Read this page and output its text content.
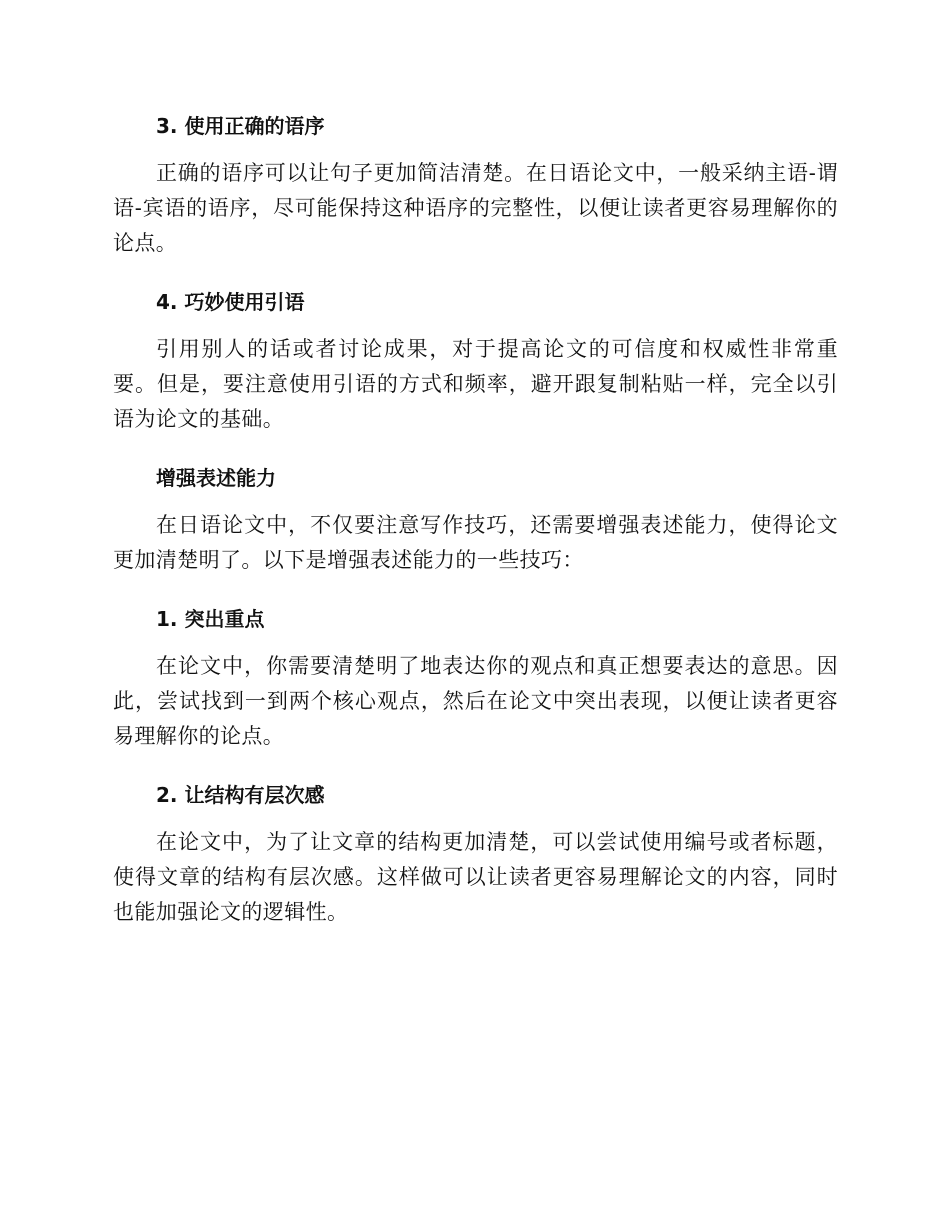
3. 使用正确的语序

正确的语序可以让句子更加简洁清楚。在日语论文中，一般采纳主语-谓语-宾语的语序，尽可能保持这种语序的完整性，以便让读者更容易理解你的论点。

4. 巧妙使用引语

引用别人的话或者讨论成果，对于提高论文的可信度和权威性非常重要。但是，要注意使用引语的方式和频率，避开跟复制粘贴一样，完全以引语为论文的基础。

增强表述能力

在日语论文中，不仅要注意写作技巧，还需要增强表述能力，使得论文更加清楚明了。以下是增强表述能力的一些技巧：

1. 突出重点

在论文中，你需要清楚明了地表达你的观点和真正想要表达的意思。因此，尝试找到一到两个核心观点，然后在论文中突出表现，以便让读者更容易理解你的论点。

2. 让结构有层次感

在论文中，为了让文章的结构更加清楚，可以尝试使用编号或者标题，使得文章的结构有层次感。这样做可以让读者更容易理解论文的内容，同时也能加强论文的逻辑性。
